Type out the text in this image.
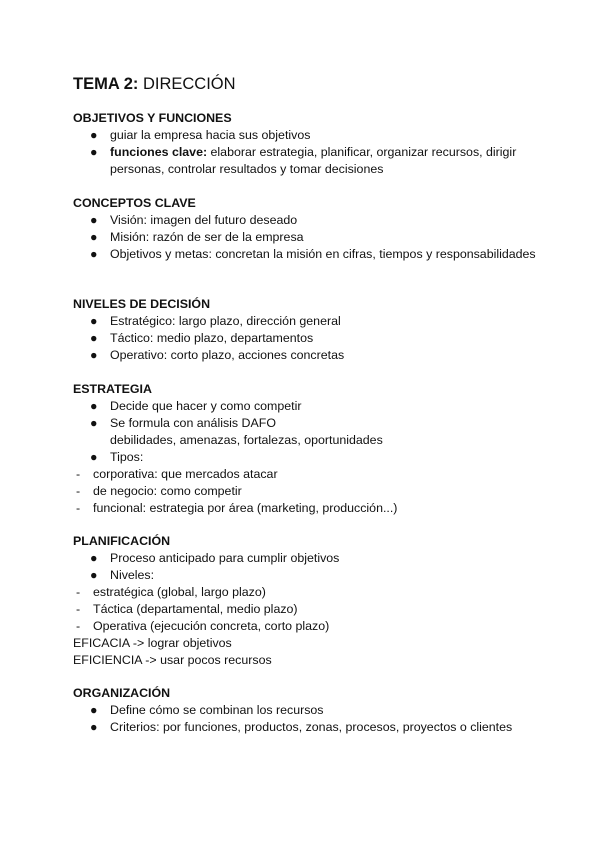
TEMA 2: DIRECCIÓN
OBJETIVOS Y FUNCIONES
●	guiar la empresa hacia sus objetivos
●	funciones clave: elaborar estrategia, planificar, organizar recursos, dirigir personas, controlar resultados y tomar decisiones
CONCEPTOS CLAVE
●	Visión: imagen del futuro deseado
●	Misión: razón de ser de la empresa
●	Objetivos y metas: concretan la misión en cifras, tiempos y responsabilidades
NIVELES DE DECISIÓN
●	Estratégico: largo plazo, dirección general
●	Táctico: medio plazo, departamentos
●	Operativo: corto plazo, acciones concretas
ESTRATEGIA
●	Decide que hacer y como competir
●	Se formula con análisis DAFO
debilidades, amenazas, fortalezas, oportunidades
●	Tipos:
-	corporativa: que mercados atacar
-	de negocio: como competir
-	funcional: estrategia por área (marketing, producción...)
PLANIFICACIÓN
●	Proceso anticipado para cumplir objetivos
●	Niveles:
-	estratégica (global, largo plazo)
-	Táctica (departamental, medio plazo)
-	Operativa (ejecución concreta, corto plazo)
EFICACIA -> lograr objetivos
EFICIENCIA -> usar pocos recursos
ORGANIZACIÓN
●	Define cómo se combinan los recursos
●	Criterios: por funciones, productos, zonas, procesos, proyectos o clientes
